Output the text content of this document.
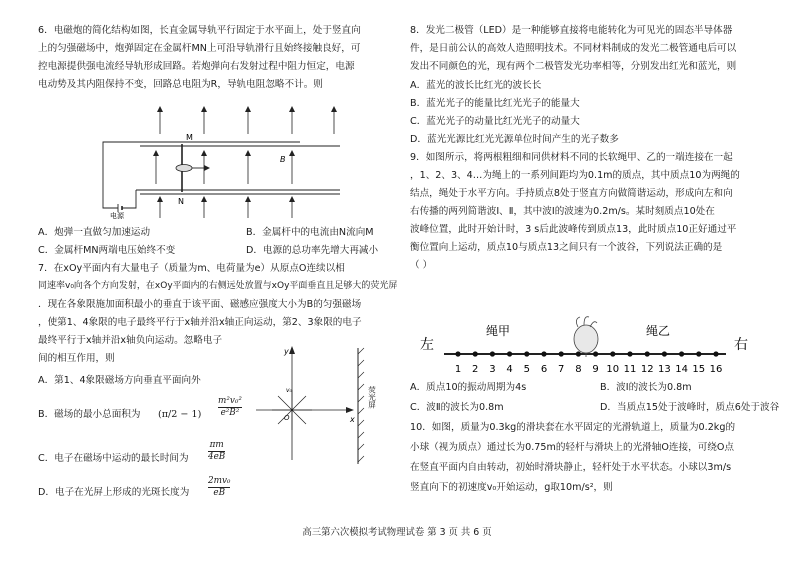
6．电磁炮的简化结构如图，长直金属导轨平行固定于水平面上，处于竖直向
上的匀强磁场中，炮弹固定在金属杆MN上可沿导轨滑行且始终接触良好，可
控电源提供强电流经导轨形成回路。若炮弹向右发射过程中阻力恒定，电源
电动势及其内阻保持不变，回路总电阻为R，导轨电阻忽略不计。则
电源
M
N
B
A．炮弹一直做匀加速运动	B．金属杆中的电流由N流向M
C．金属杆MN两端电压始终不变	D．电源的总功率先增大再减小
7．在xOy平面内有大量电子（质量为m、电荷量为e）从原点O连续以相
同速率v₀向各个方向发射，在xOy平面内的右侧远处放置与xOy平面垂直且足够大的荧光屏
．现在各象限施加面积最小的垂直于该平面、磁感应强度大小为B的匀强磁场
，使第1、4象限的电子最终平行于x轴并沿x轴正向运动，第2、3象限的电子
最终平行于x轴并沿x轴负向运动。忽略电子
间的相互作用，则
A．第1、4象限磁场方向垂直平面向外
B．磁场的最小总面积为 $(\pi/2 - 1) \frac{\text{m²v₀²}}{\text{e²B²}}$
C．电子在磁场中运动的最长时间为 $\frac{\pi m}{4eB}$
D．电子在光屏上形成的光斑长度为 $\frac{\text{2mv₀}}{eB}$
y
x
O
v₀	荧光屏
8．发光二极管（LED）是一种能够直接将电能转化为可见光的固态半导体器
件，是日前公认的高效人造照明技术。不同材料制成的发光二极管通电后可以
发出不同颜色的光，现有两个二极管发光功率相等，分别发出红光和蓝光，则
A．蓝光的波长比红光的波长长
B．蓝光光子的能量比红光光子的能量大
C．蓝光光子的动量比红光光子的动量大
D．蓝光光源比红光光源单位时间产生的光子数多
9．如图所示，将两根粗细和同供材料不同的长软绳甲、乙的一端连接在一起
，1、2、3、4…为绳上的一系列间距均为0.1m的质点，其中质点10为两绳的
结点，绳处于水平方向。手持质点8处于竖直方向做简谐运动，形成向左和向
右传播的两列简谐波Ⅰ、Ⅱ，其中波Ⅰ的波速为0.2m/s。某时刻质点10处在
波峰位置，此时开始计时，3 s后此波峰传到质点13，此时质点10正好通过平
衡位置向上运动，质点10与质点13之间只有一个波谷，下列说法正确的是
（ ）
左	右
绳甲	绳乙
1 2 3 4 5 6 7 8 9 10 11 12 13 14 15 16
A．质点10的振动周期为4s	B．波Ⅰ的波长为0.8m
C．波Ⅱ的波长为0.8m	D．当质点15处于波峰时，质点6处于波谷
10．如图，质量为0.3kg的滑块套在水平固定的光滑轨道上，质量为0.2kg的
小球（视为质点）通过长为0.75m的轻杆与滑块上的光滑轴O连接，可绕O点
在竖直平面内自由转动，初始时滑块静止，轻杆处于水平状态。小球以3m/s
竖直向下的初速度v₀开始运动，g取10m/s²，则
高三第六次模拟考试物理试卷 第 3 页 共 6 页
